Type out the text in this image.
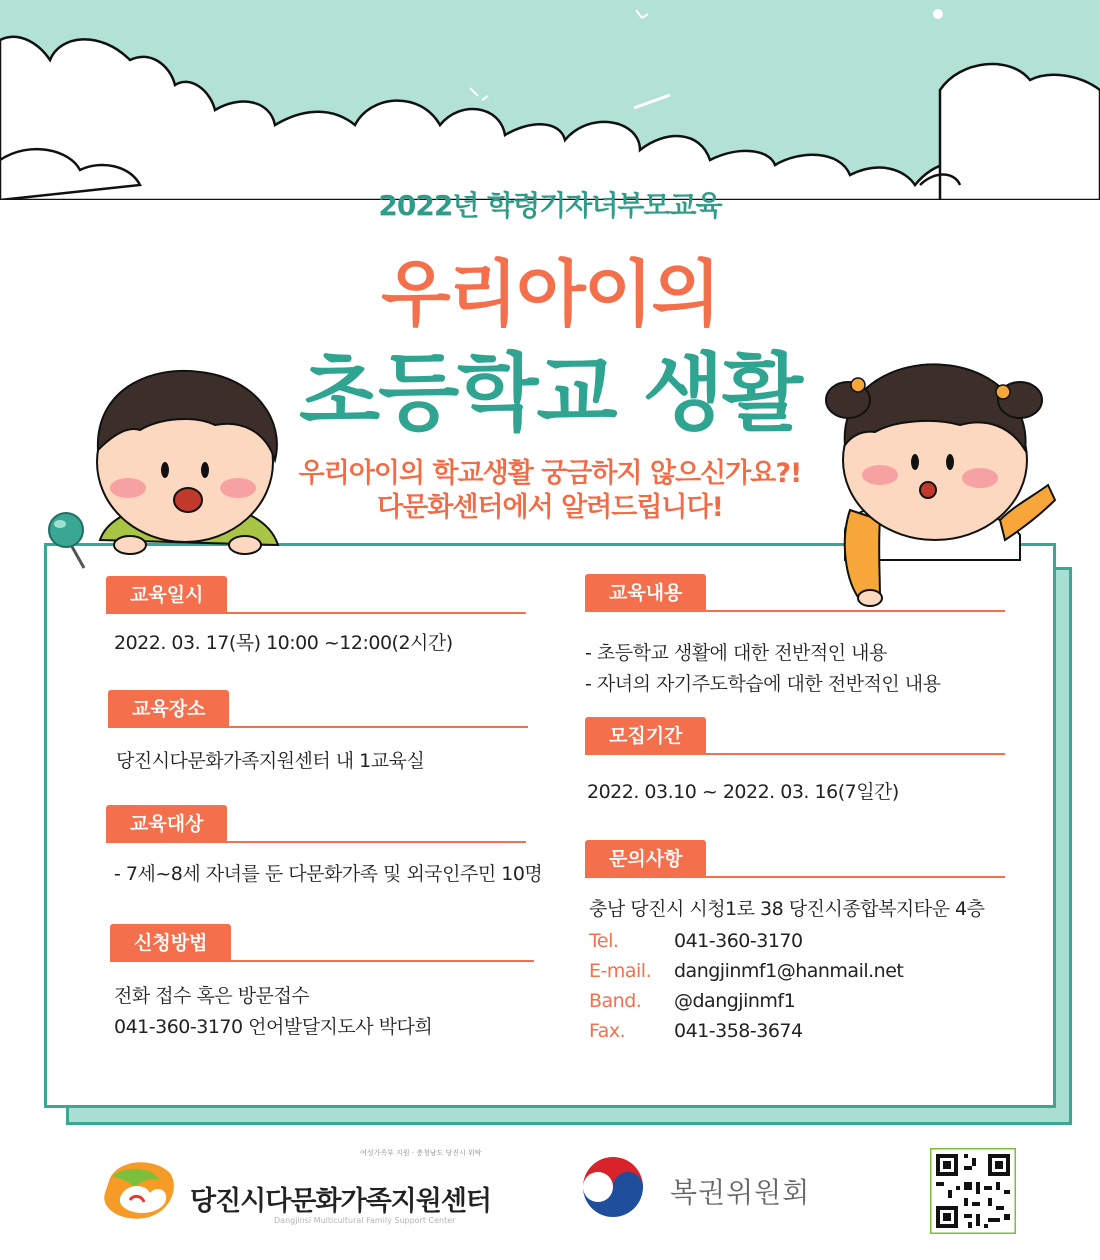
2022년 학령기자녀부모교육
우리아이의
초등학교 생활
우리아이의 학교생활 궁금하지 않으신가요?!
다문화센터에서 알려드립니다!
교육일시
2022. 03. 17(목) 10:00 ~12:00(2시간)
교육장소
당진시다문화가족지원센터 내 1교육실
교육대상
- 7세~8세 자녀를 둔 다문화가족 및 외국인주민 10명
신청방법
전화 접수 혹은 방문접수
041-360-3170 언어발달지도사 박다희
교육내용
- 초등학교 생활에 대한 전반적인 내용
- 자녀의 자기주도학습에 대한 전반적인 내용
모집기간
2022. 03.10 ~ 2022. 03. 16(7일간)
문의사항
충남 당진시 시청1로 38 당진시종합복지타운 4층
Tel.	041-360-3170
E-mail.	dangjinmf1@hanmail.net
Band.	@dangjinmf1
Fax.	041-358-3674
여성가족부 지원 · 충청남도 당진시 위탁
당진시다문화가족지원센터
Dangjinsi Multicultural Family Support Center
복권위원회
